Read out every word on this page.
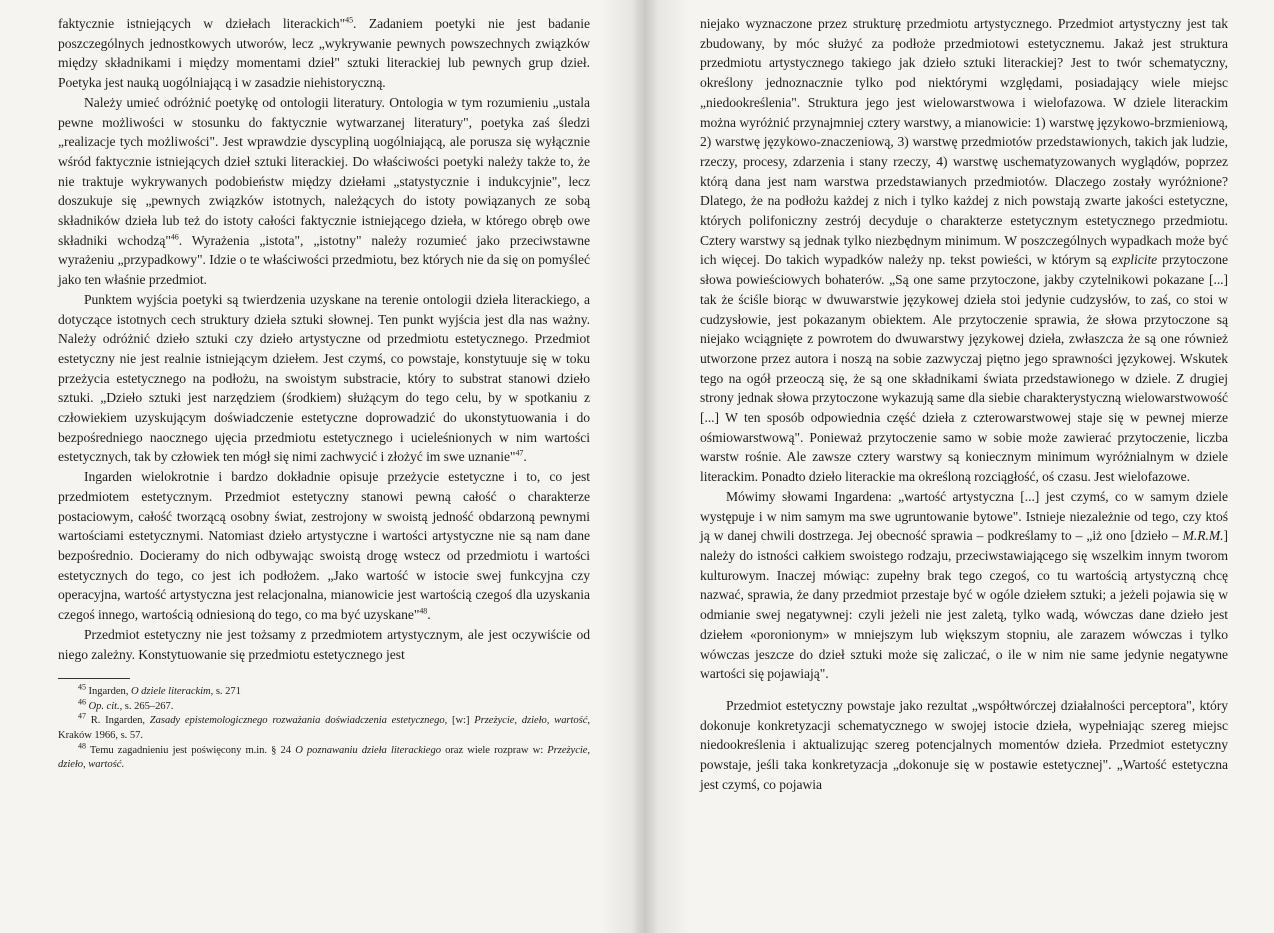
faktycznie istniejących w dziełach literackich"$^{45}$. Zadaniem poetyki nie jest badanie poszczególnych jednostkowych utworów, lecz „wykrywanie pewnych powszechnych związków między składnikami i między momentami dzieł" sztuki literackiej lub pewnych grup dzieł. Poetyka jest nauką uogólniającą i w zasadzie niehistoryczną.

Należy umieć odróżnić poetykę od ontologii literatury. Ontologia w tym rozumieniu „ustala pewne możliwości w stosunku do faktycznie wytwarzanej literatury", poetyka zaś śledzi „realizacje tych możliwości". Jest wprawdzie dyscypliną uogólniającą, ale porusza się wyłącznie wśród faktycznie istniejących dzieł sztuki literackiej. Do właściwości poetyki należy także to, że nie traktuje wykrywanych podobieństw między dziełami „statystycznie i indukcyjnie", lecz doszukuje się „pewnych związków istotnych, należących do istoty powiązanych ze sobą składników dzieła lub też do istoty całości faktycznie istniejącego dzieła, w którego obręb owe składniki wchodzą"$^{46}$. Wyrażenia „istota", „istotny" należy rozumieć jako przeciwstawne wyrażeniu „przypadkowy". Idzie o te właściwości przedmiotu, bez których nie da się on pomyśleć jako ten właśnie przedmiot.

Punktem wyjścia poetyki są twierdzenia uzyskane na terenie ontologii dzieła literackiego, a dotyczące istotnych cech struktury dzieła sztuki słownej. Ten punkt wyjścia jest dla nas ważny. Należy odróżnić dzieło sztuki czy dzieło artystyczne od przedmiotu estetycznego. Przedmiot estetyczny nie jest realnie istniejącym dziełem. Jest czymś, co powstaje, konstytuuje się w toku przeżycia estetycznego na podłożu, na swoistym substracie, który to substrat stanowi dzieło sztuki. „Dzieło sztuki jest narzędziem (środkiem) służącym do tego celu, by w spotkaniu z człowiekiem uzyskującym doświadczenie estetyczne doprowadzić do ukonstytuowania i do bezpośredniego naocznego ujęcia przedmiotu estetycznego i ucieleśnionych w nim wartości estetycznych, tak by człowiek ten mógł się nimi zachwycić i złożyć im swe uznanie"$^{47}$.

Ingarden wielokrotnie i bardzo dokładnie opisuje przeżycie estetyczne i to, co jest przedmiotem estetycznym. Przedmiot estetyczny stanowi pewną całość o charakterze postaciowym, całość tworzącą osobny świat, zestrojony w swoistą jedność obdarzoną pewnymi wartościami estetycznymi. Natomiast dzieło artystyczne i wartości artystyczne nie są nam dane bezpośrednio. Docieramy do nich odbywając swoistą drogę wstecz od przedmiotu i wartości estetycznych do tego, co jest ich podłożem. „Jako wartość w istocie swej funkcyjna czy operacyjna, wartość artystyczna jest relacjonalna, mianowicie jest wartością czegoś dla uzyskania czegoś innego, wartością odniesioną do tego, co ma być uzyskane"$^{48}$.

Przedmiot estetyczny nie jest tożsamy z przedmiotem artystycznym, ale jest oczywiście od niego zależny. Konstytuowanie się przedmiotu estetycznego jest

$^{45}$ Ingarden, O dziele literackim, s. 271

$^{46}$ Op. cit., s. 265–267.

$^{47}$ R. Ingarden, Zasady epistemologicznego rozważania doświadczenia estetycznego, [w:] Przeżycie, dzieło, wartość, Kraków 1966, s. 57.

$^{48}$ Temu zagadnieniu jest poświęcony m.in. § 24 O poznawaniu dzieła literackiego oraz wiele rozpraw w: Przeżycie, dzieło, wartość.

niejako wyznaczone przez strukturę przedmiotu artystycznego. Przedmiot artystyczny jest tak zbudowany, by móc służyć za podłoże przedmiotowi estetycznemu. Jakaż jest struktura przedmiotu artystycznego takiego jak dzieło sztuki literackiej? Jest to twór schematyczny, określony jednoznacznie tylko pod niektórymi względami, posiadający wiele miejsc „niedookreślenia". Struktura jego jest wielowarstwowa i wielofazowa. W dziele literackim można wyróżnić przynajmniej cztery warstwy, a mianowicie: 1) warstwę językowo-brzmieniową, 2) warstwę językowo-znaczeniową, 3) warstwę przedmiotów przedstawionych, takich jak ludzie, rzeczy, procesy, zdarzenia i stany rzeczy, 4) warstwę uschematyzowanych wyglądów, poprzez którą dana jest nam warstwa przedstawianych przedmiotów. Dlaczego zostały wyróżnione? Dlatego, że na podłożu każdej z nich i tylko każdej z nich powstają zwarte jakości estetyczne, których polifoniczny zestrój decyduje o charakterze estetycznym estetycznego przedmiotu. Cztery warstwy są jednak tylko niezbędnym minimum. W poszczególnych wypadkach może być ich więcej. Do takich wypadków należy np. tekst powieści, w którym są explicite przytoczone słowa powieściowych bohaterów. „Są one same przytoczone, jakby czytelnikowi pokazane [...] tak że ściśle biorąc w dwuwarstwie językowej dzieła stoi jedynie cudzysłów, to zaś, co stoi w cudzysłowie, jest pokazanym obiektem. Ale przytoczenie sprawia, że słowa przytoczone są niejako wciągnięte z powrotem do dwuwarstwy językowej dzieła, zwłaszcza że są one również utworzone przez autora i noszą na sobie zazwyczaj piętno jego sprawności językowej. Wskutek tego na ogół przeoczą się, że są one składnikami świata przedstawionego w dziele. Z drugiej strony jednak słowa przytoczone wykazują same dla siebie charakterystyczną wielowarstwowość [...] W ten sposób odpowiednia część dzieła z czterowarstwowej staje się w pewnej mierze ośmiowarstwową". Ponieważ przytoczenie samo w sobie może zawierać przytoczenie, liczba warstw rośnie. Ale zawsze cztery warstwy są koniecznym minimum wyróżnialnym w dziele literackim. Ponadto dzieło literackie ma określoną rozciągłość, oś czasu. Jest wielofazowe.

Mówimy słowami Ingardena: „wartość artystyczna [...] jest czymś, co w samym dziele występuje i w nim samym ma swe ugruntowanie bytowe". Istnieje niezależnie od tego, czy ktoś ją w danej chwili dostrzega. Jej obecność sprawia – podkreślamy to – „iż ono [dzieło – M.R.M.] należy do istności całkiem swoistego rodzaju, przeciwstawiającego się wszelkim innym tworom kulturowym. Inaczej mówiąc: zupełny brak tego czegoś, co tu wartością artystyczną chcę nazwać, sprawia, że dany przedmiot przestaje być w ogóle dziełem sztuki; a jeżeli pojawia się w odmianie swej negatywnej: czyli jeżeli nie jest zaletą, tylko wadą, wówczas dane dzieło jest dziełem «poronionym» w mniejszym lub większym stopniu, ale zarazem wówczas i tylko wówczas jeszcze do dzieł sztuki może się zaliczać, o ile w nim nie same jedynie negatywne wartości się pojawiają".

Przedmiot estetyczny powstaje jako rezultat „współtwórczej działalności perceptora", który dokonuje konkretyzacji schematycznego w swojej istocie dzieła, wypełniając szereg miejsc niedookreślenia i aktualizując szereg potencjalnych momentów dzieła. Przedmiot estetyczny powstaje, jeśli taka konkretyzacja „dokonuje się w postawie estetycznej". „Wartość estetyczna jest czymś, co pojawia
